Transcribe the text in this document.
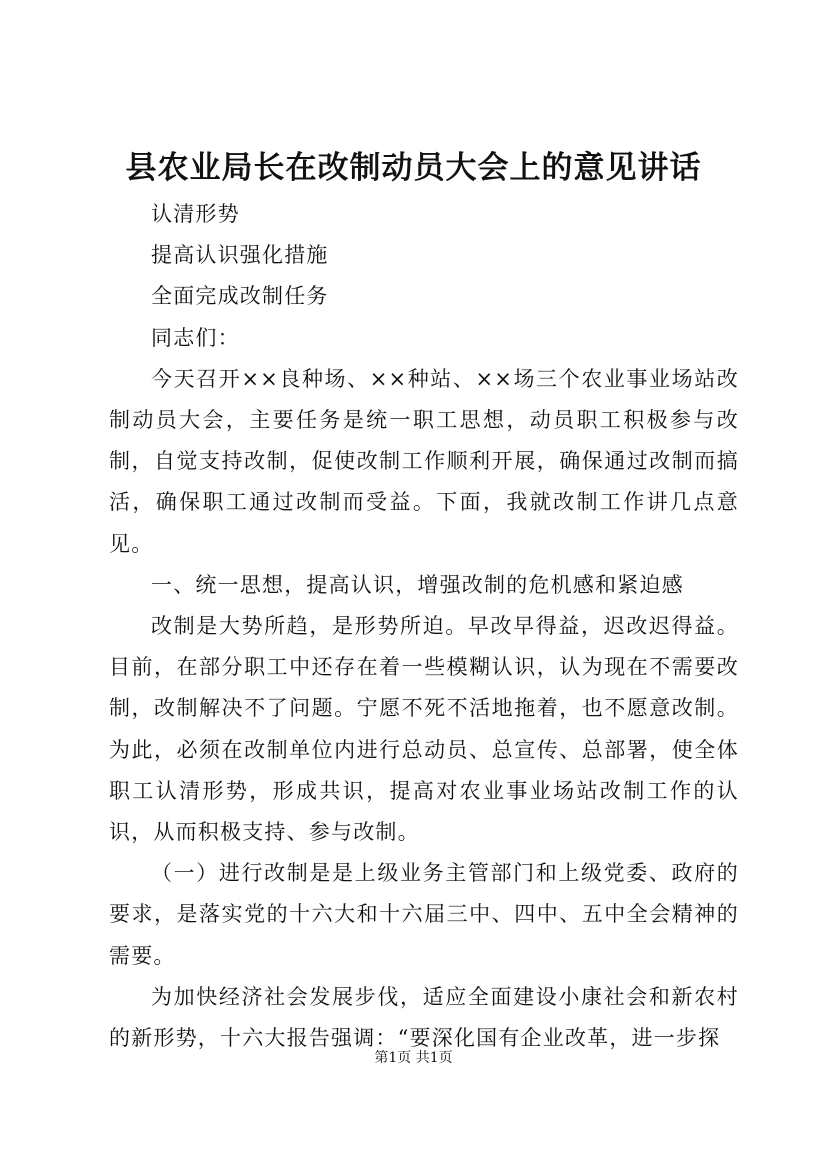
县农业局长在改制动员大会上的意见讲话

认清形势

提高认识强化措施

全面完成改制任务

同志们：

今天召开××良种场、××种站、××场三个农业事业场站改制动员大会，主要任务是统一职工思想，动员职工积极参与改制，自觉支持改制，促使改制工作顺利开展，确保通过改制而搞活，确保职工通过改制而受益。下面，我就改制工作讲几点意见。

一、统一思想，提高认识，增强改制的危机感和紧迫感

改制是大势所趋，是形势所迫。早改早得益，迟改迟得益。目前，在部分职工中还存在着一些模糊认识，认为现在不需要改制，改制解决不了问题。宁愿不死不活地拖着，也不愿意改制。为此，必须在改制单位内进行总动员、总宣传、总部署，使全体职工认清形势，形成共识，提高对农业事业场站改制工作的认识，从而积极支持、参与改制。

（一）进行改制是是上级业务主管部门和上级党委、政府的要求，是落实党的十六大和十六届三中、四中、五中全会精神的需要。

为加快经济社会发展步伐，适应全面建设小康社会和新农村的新形势，十六大报告强调：“要深化国有企业改革，进一步探

第1页 共1页
